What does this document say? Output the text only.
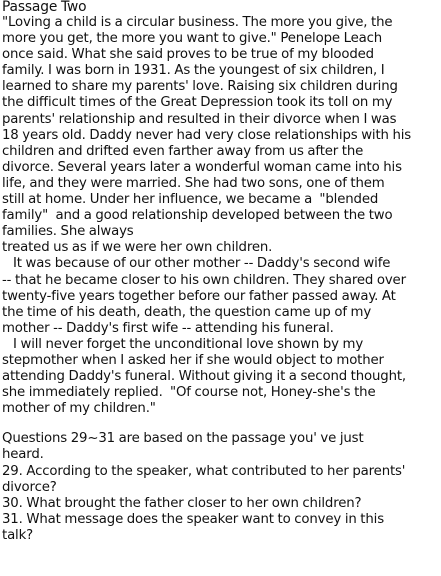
Passage Two
"Loving a child is a circular business. The more you give, the
more you get, the more you want to give." Penelope Leach
once said. What she said proves to be true of my blooded
family. I was born in 1931. As the youngest of six children, I
learned to share my parents' love. Raising six children during
the difficult times of the Great Depression took its toll on my
parents' relationship and resulted in their divorce when I was
18 years old. Daddy never had very close relationships with his
children and drifted even farther away from us after the
divorce. Several years later a wonderful woman came into his
life, and they were married. She had two sons, one of them
still at home. Under her influence, we became a  "blended
family"  and a good relationship developed between the two
families. She always
treated us as if we were her own children.
It was because of our other mother -- Daddy's second wife
-- that he became closer to his own children. They shared over
twenty-five years together before our father passed away. At
the time of his death, death, the question came up of my
mother -- Daddy's first wife -- attending his funeral.
I will never forget the unconditional love shown by my
stepmother when I asked her if she would object to mother
attending Daddy's funeral. Without giving it a second thought,
she immediately replied.  "Of course not, Honey-she's the
mother of my children."
Questions 29~31 are based on the passage you' ve just
heard.
29. According to the speaker, what contributed to her parents'
divorce?
30. What brought the father closer to her own children?
31. What message does the speaker want to convey in this
talk?
